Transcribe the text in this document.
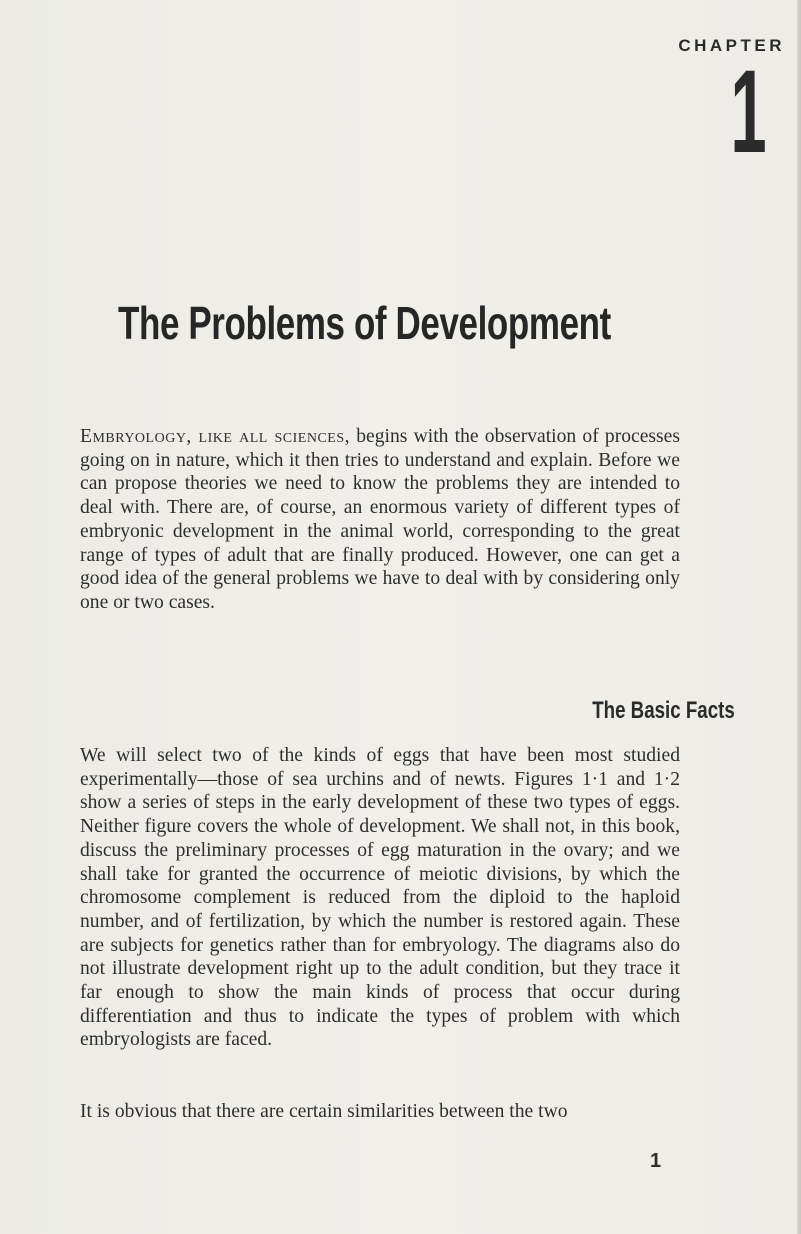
CHAPTER
1
The Problems of Development

Embryology, like all sciences, begins with the observation of processes going on in nature, which it then tries to understand and explain. Before we can propose theories we need to know the problems they are intended to deal with. There are, of course, an enormous variety of different types of embryonic development in the animal world, corresponding to the great range of types of adult that are finally produced. However, one can get a good idea of the general problems we have to deal with by considering only one or two cases.

The Basic Facts

We will select two of the kinds of eggs that have been most studied experimentally—those of sea urchins and of newts. Figures 1·1 and 1·2 show a series of steps in the early development of these two types of eggs. Neither figure covers the whole of development. We shall not, in this book, discuss the preliminary processes of egg maturation in the ovary; and we shall take for granted the occurrence of meiotic divisions, by which the chromosome complement is reduced from the diploid to the haploid number, and of fertilization, by which the number is restored again. These are subjects for genetics rather than for embryology. The diagrams also do not illustrate development right up to the adult condition, but they trace it far enough to show the main kinds of process that occur during differentiation and thus to indicate the types of problem with which embryologists are faced.

It is obvious that there are certain similarities between the two

1
